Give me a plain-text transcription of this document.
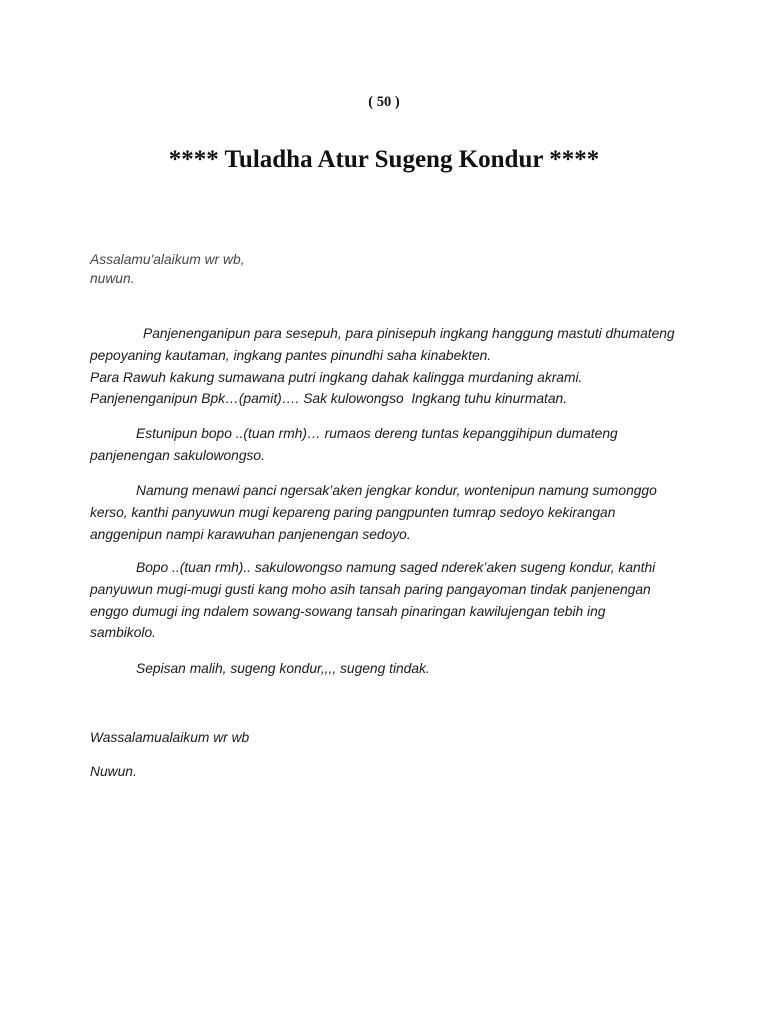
( 50 )
**** Tuladha Atur Sugeng Kondur ****
Assalamu'alaikum wr wb,
nuwun.
Panjenenganipun para sesepuh, para pinisepuh ingkang hanggung mastuti dhumateng
pepoyaning kautaman, ingkang pantes pinundhi saha kinabekten.
Para Rawuh kakung sumawana putri ingkang dahak kalingga murdaning akrami.
Panjenenganipun Bpk…(pamit)…. Sak kulowongso  Ingkang tuhu kinurmatan.
Estunipun bopo ..(tuan rmh)… rumaos dereng tuntas kepanggihipun dumateng
panjenengan sakulowongso.
Namung menawi panci ngersak’aken jengkar kondur, wontenipun namung sumonggo
kerso, kanthi panyuwun mugi kepareng paring pangpunten tumrap sedoyo kekirangan
anggenipun nampi karawuhan panjenengan sedoyo.
Bopo ..(tuan rmh).. sakulowongso namung saged nderek’aken sugeng kondur, kanthi
panyuwun mugi-mugi gusti kang moho asih tansah paring pangayoman tindak panjenengan
enggo dumugi ing ndalem sowang-sowang tansah pinaringan kawilujengan tebih ing
sambikolo.
Sepisan malih, sugeng kondur,,,, sugeng tindak.
Wassalamualaikum wr wb
Nuwun.
